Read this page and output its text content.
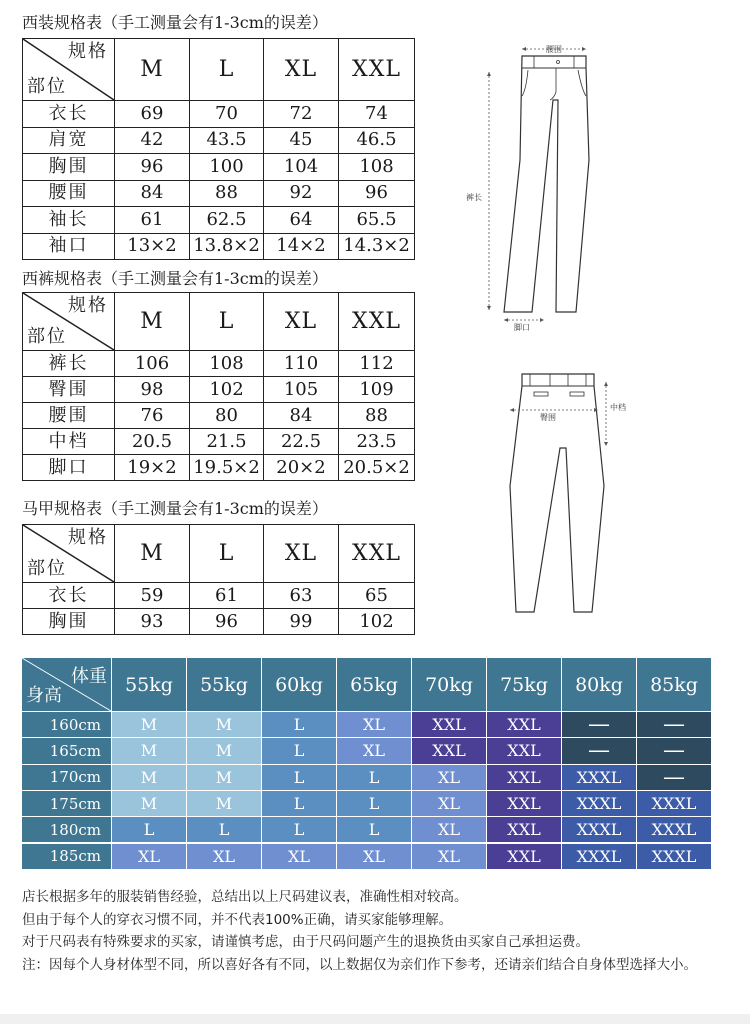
西装规格表（手工测量会有1-3cm的误差）
规格
部位	M	L	XL	XXL
衣长	69	70	72	74
肩宽	42	43.5	45	46.5
胸围	96	100	104	108
腰围	84	88	92	96
袖长	61	62.5	64	65.5
袖口	13×2	13.8×2	14×2	14.3×2
西裤规格表（手工测量会有1-3cm的误差）
规格
部位	M	L	XL	XXL
裤长	106	108	110	112
臀围	98	102	105	109
腰围	76	80	84	88
中档	20.5	21.5	22.5	23.5
脚口	19×2	19.5×2	20×2	20.5×2
马甲规格表（手工测量会有1-3cm的误差）
规格
部位	M	L	XL	XXL
衣长	59	61	63	65
胸围	93	96	99	102
腰围
裤长
脚口
臀围
中档
体重
身高	55kg	55kg	60kg	65kg	70kg	75kg	80kg	85kg
160cm	M	M	L	XL	XXL	XXL	—	—
165cm	M	M	L	XL	XXL	XXL	—	—
170cm	M	M	L	L	XL	XXL	XXXL	—
175cm	M	M	L	L	XL	XXL	XXXL	XXXL
180cm	L	L	L	L	XL	XXL	XXXL	XXXL
185cm	XL	XL	XL	XL	XL	XXL	XXXL	XXXL

店长根据多年的服装销售经验，总结出以上尺码建议表，准确性相对较高。

但由于每个人的穿衣习惯不同，并不代表100%正确，请买家能够理解。

对于尺码表有特殊要求的买家，请谨慎考虑，由于尺码问题产生的退换货由买家自己承担运费。

注：因每个人身材体型不同，所以喜好各有不同，以上数据仅为亲们作下参考，还请亲们结合自身体型选择大小。
